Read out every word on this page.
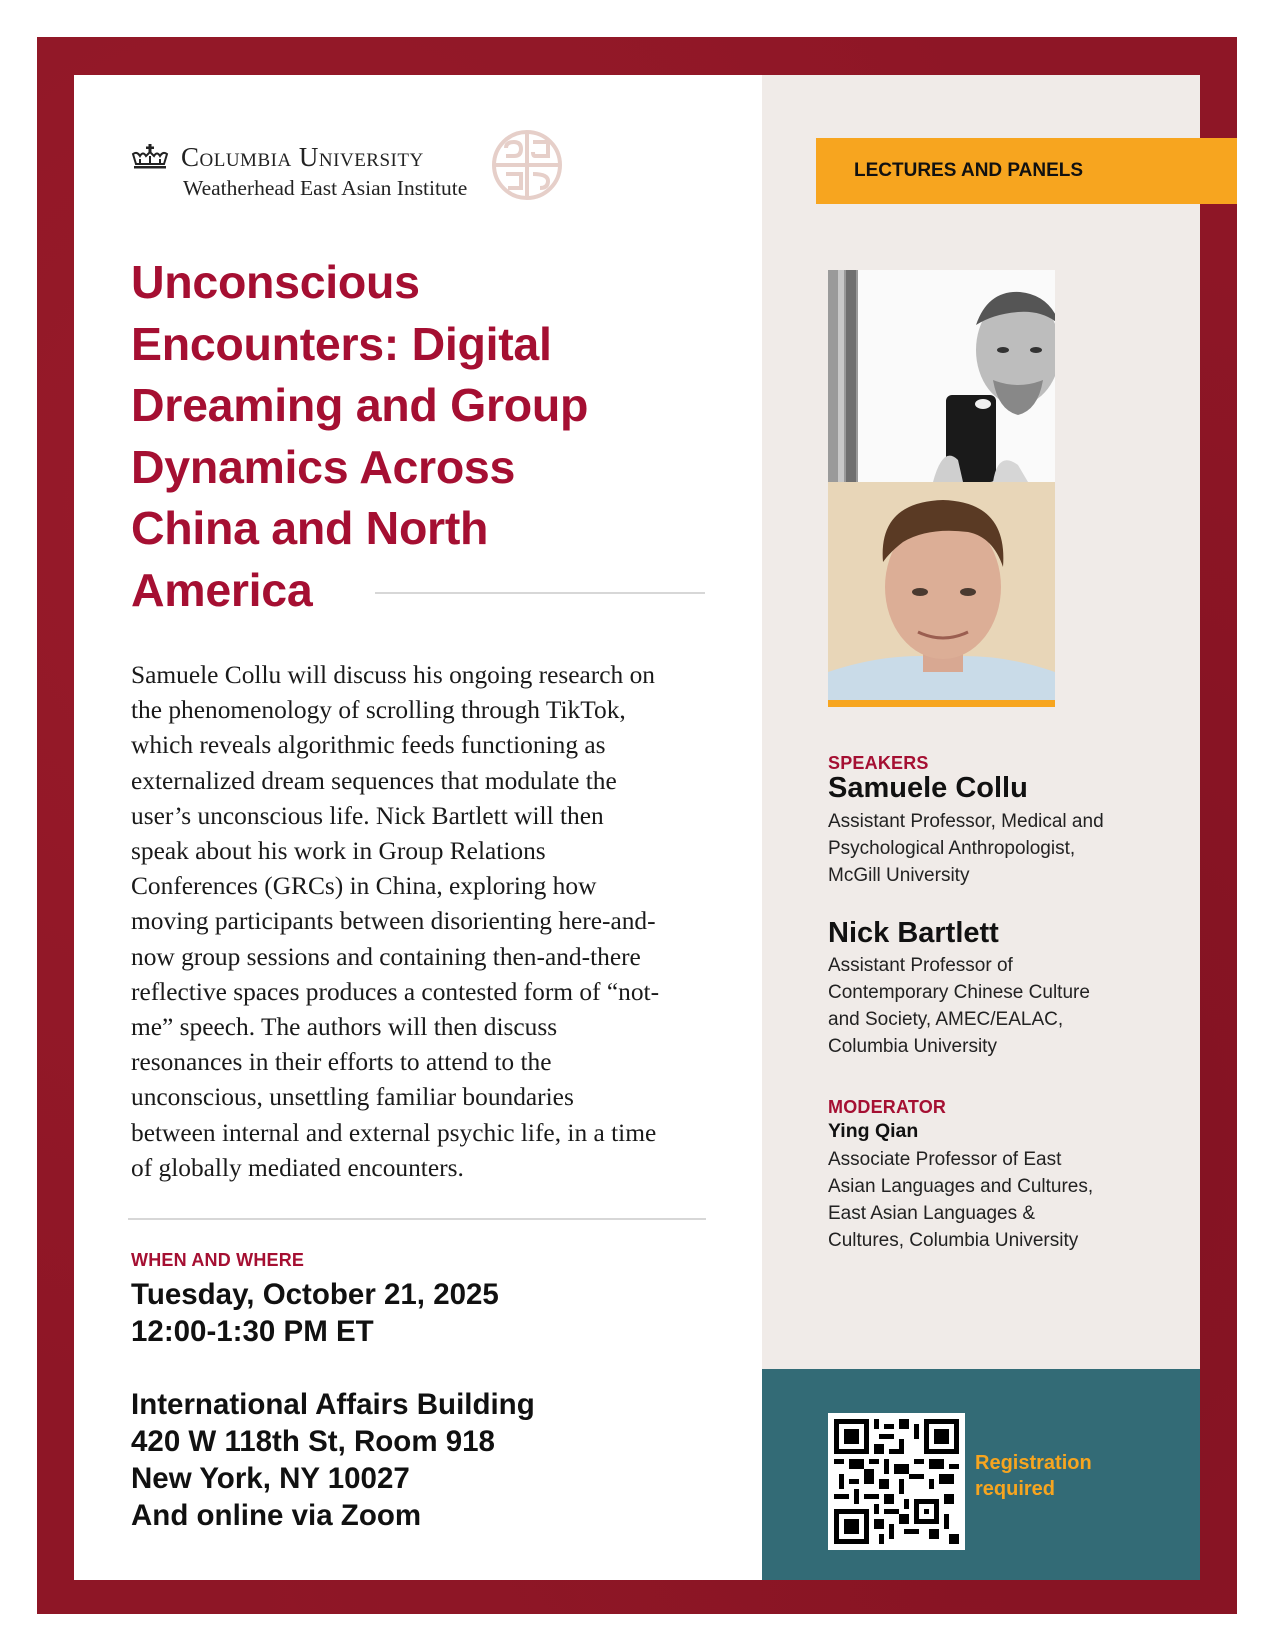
Columbia University
Weatherhead East Asian Institute
Unconscious
Encounters: Digital
Dreaming and Group
Dynamics Across
China and North
America
Samuele Collu will discuss his ongoing research on
the phenomenology of scrolling through TikTok,
which reveals algorithmic feeds functioning as
externalized dream sequences that modulate the
user’s unconscious life. Nick Bartlett will then
speak about his work in Group Relations
Conferences (GRCs) in China, exploring how
moving participants between disorienting here-and-
now group sessions and containing then-and-there
reflective spaces produces a contested form of “not-
me” speech. The authors will then discuss
resonances in their efforts to attend to the
unconscious, unsettling familiar boundaries
between internal and external psychic life, in a time
of globally mediated encounters.
WHEN AND WHERE
Tuesday, October 21, 2025
12:00-1:30 PM ET
International Affairs Building
420 W 118th St, Room 918
New York, NY 10027
And online via Zoom
LECTURES AND PANELS
SPEAKERS
Samuele Collu
Assistant Professor, Medical and
Psychological Anthropologist,
McGill University
Nick Bartlett
Assistant Professor of
Contemporary Chinese Culture
and Society, AMEC/EALAC,
Columbia University
MODERATOR
Ying Qian
Associate Professor of East
Asian Languages and Cultures,
East Asian Languages &
Cultures, Columbia University
Registration
required
